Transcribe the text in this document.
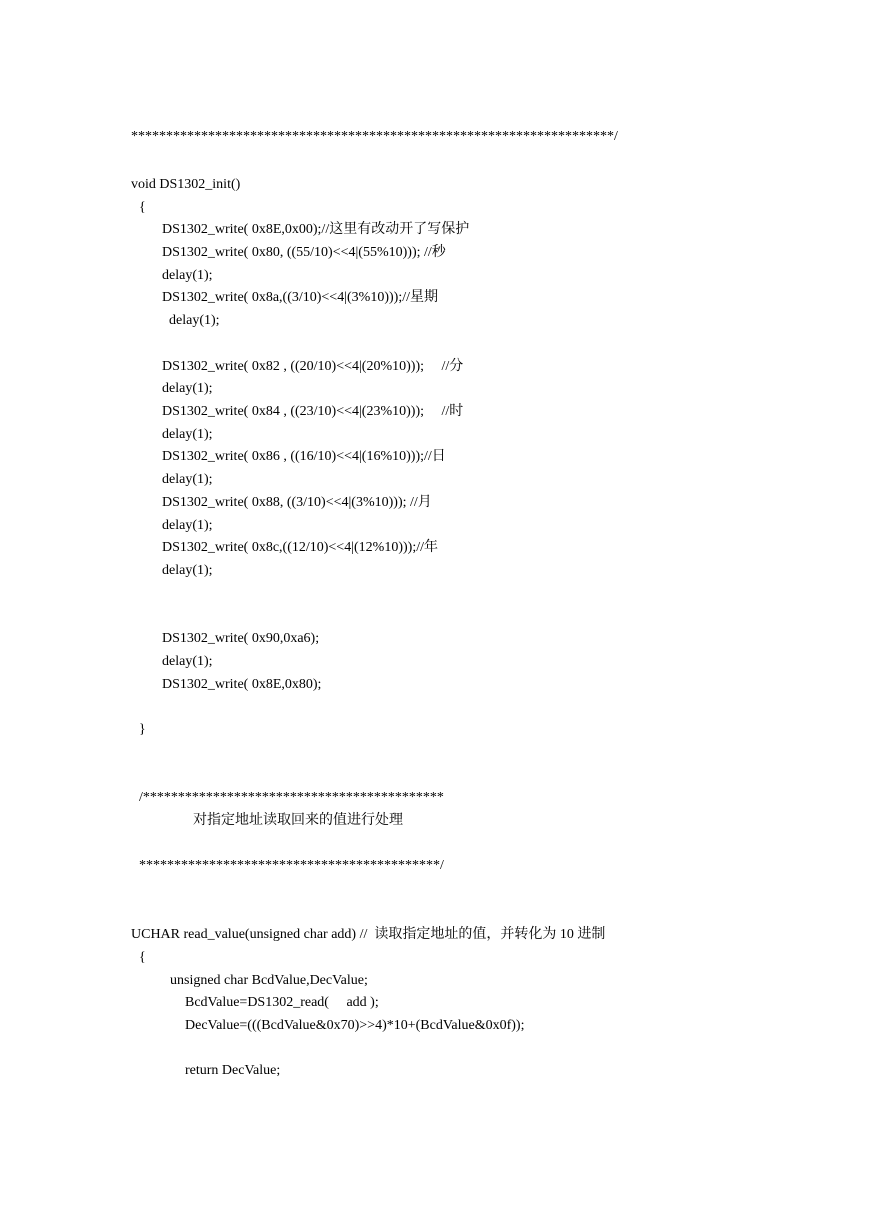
*********************************************************************/
void DS1302_init()
{
DS1302_write( 0x8E,0x00);//这里有改动开了写保护
DS1302_write( 0x80, ((55/10)<<4|(55%10))); //秒
delay(1);
DS1302_write( 0x8a,((3/10)<<4|(3%10)));//星期
delay(1);
DS1302_write( 0x82 , ((20/10)<<4|(20%10)));     //分
delay(1);
DS1302_write( 0x84 , ((23/10)<<4|(23%10)));     //时
delay(1);
DS1302_write( 0x86 , ((16/10)<<4|(16%10)));//日
delay(1);
DS1302_write( 0x88, ((3/10)<<4|(3%10))); //月
delay(1);
DS1302_write( 0x8c,((12/10)<<4|(12%10)));//年
delay(1);
DS1302_write( 0x90,0xa6);
delay(1);
DS1302_write( 0x8E,0x80);
}
/*******************************************
对指定地址读取回来的值进行处理
*******************************************/
UCHAR read_value(unsigned char add) //  读取指定地址的值，并转化为 10 进制
{
unsigned char BcdValue,DecValue;
BcdValue=DS1302_read(     add );
DecValue=(((BcdValue&0x70)>>4)*10+(BcdValue&0x0f));
return DecValue;
